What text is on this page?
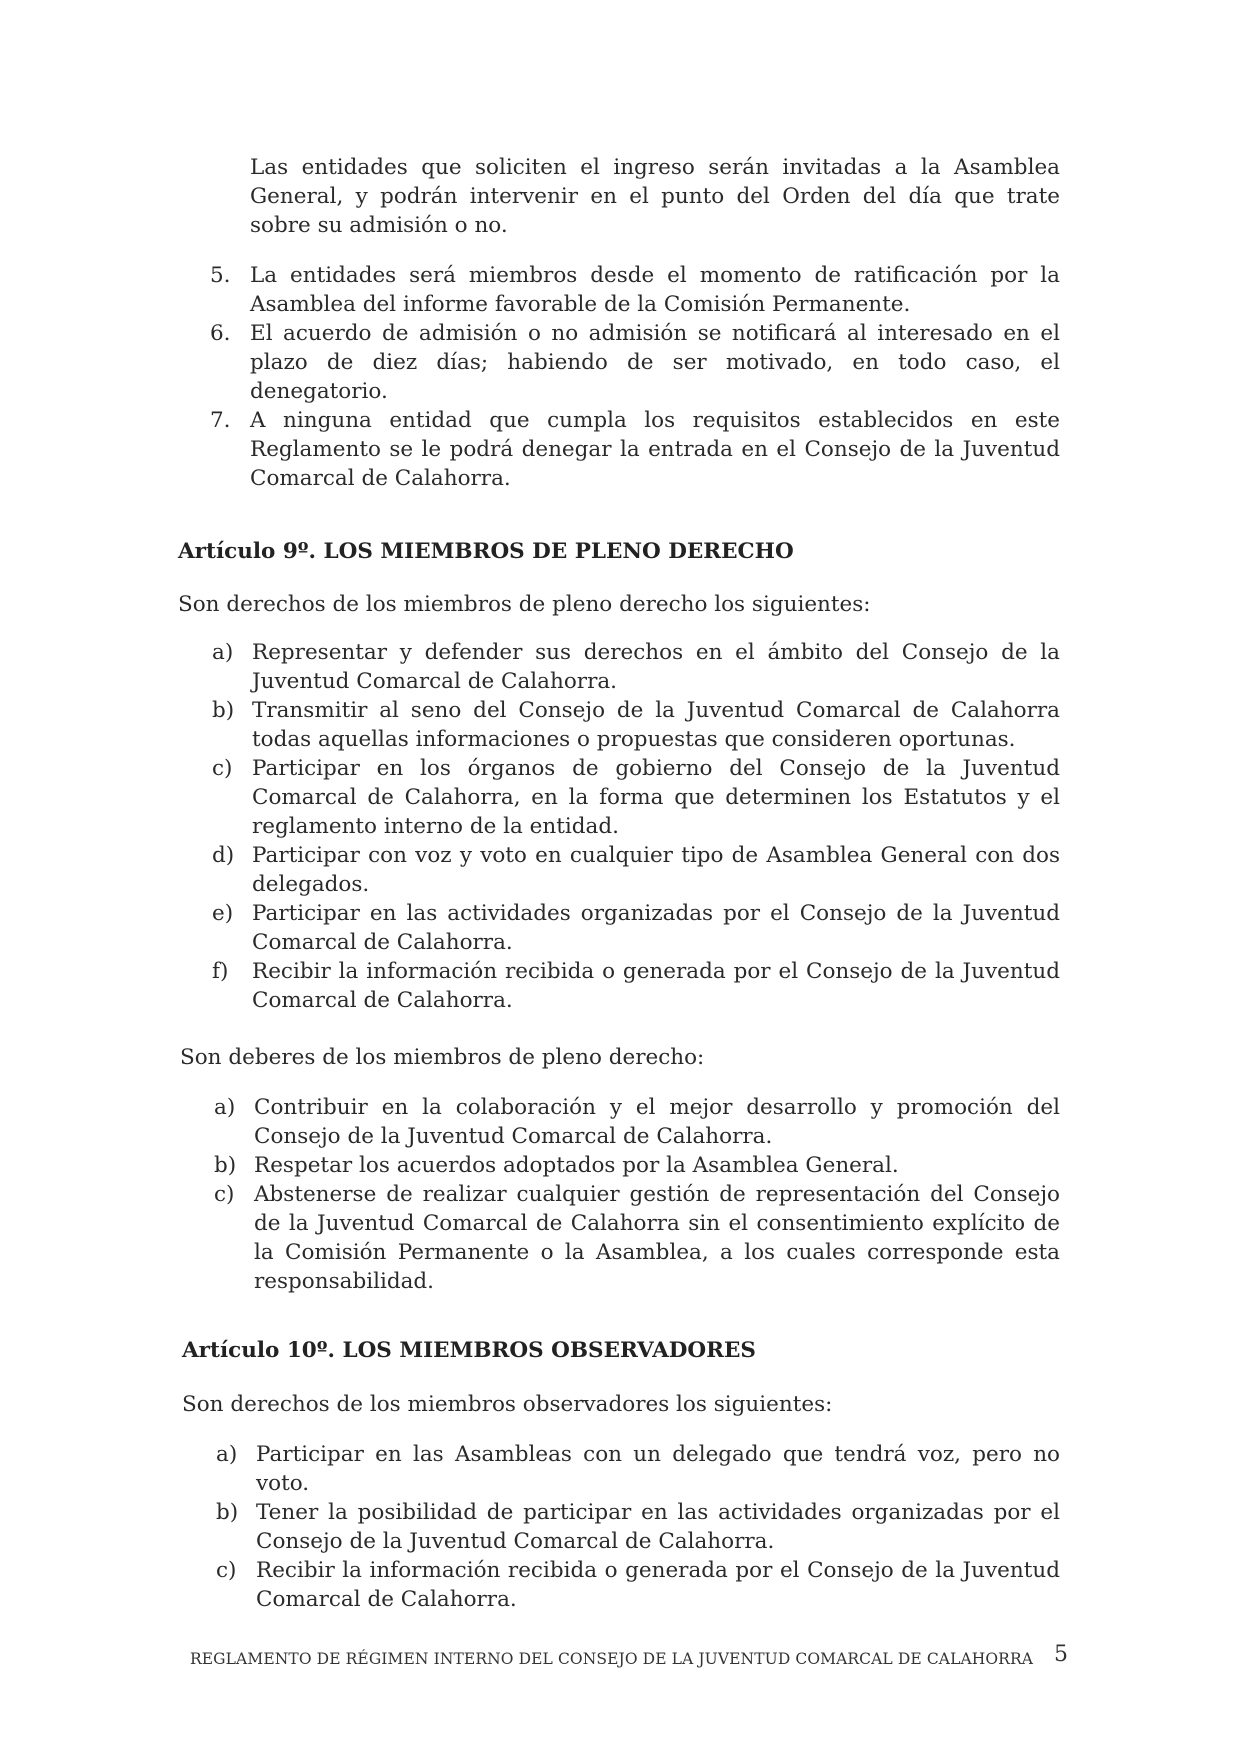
Las entidades que soliciten el ingreso serán invitadas a la Asamblea General, y podrán intervenir en el punto del Orden del día que trate sobre su admisión o no.

5. La entidades será miembros desde el momento de ratificación por la Asamblea del informe favorable de la Comisión Permanente.
6. El acuerdo de admisión o no admisión se notificará al interesado en el plazo de diez días; habiendo de ser motivado, en todo caso, el denegatorio.
7. A ninguna entidad que cumpla los requisitos establecidos en este Reglamento se le podrá denegar la entrada en el Consejo de la Juventud Comarcal de Calahorra.

Artículo 9º. LOS MIEMBROS DE PLENO DERECHO

Son derechos de los miembros de pleno derecho los siguientes:

a) Representar y defender sus derechos en el ámbito del Consejo de la Juventud Comarcal de Calahorra.
b) Transmitir al seno del Consejo de la Juventud Comarcal de Calahorra todas aquellas informaciones o propuestas que consideren oportunas.
c) Participar en los órganos de gobierno del Consejo de la Juventud Comarcal de Calahorra, en la forma que determinen los Estatutos y el reglamento interno de la entidad.
d) Participar con voz y voto en cualquier tipo de Asamblea General con dos delegados.
e) Participar en las actividades organizadas por el Consejo de la Juventud Comarcal de Calahorra.
f) Recibir la información recibida o generada por el Consejo de la Juventud Comarcal de Calahorra.

Son deberes de los miembros de pleno derecho:

a) Contribuir en la colaboración y el mejor desarrollo y promoción del Consejo de la Juventud Comarcal de Calahorra.
b) Respetar los acuerdos adoptados por la Asamblea General.
c) Abstenerse de realizar cualquier gestión de representación del Consejo de la Juventud Comarcal de Calahorra sin el consentimiento explícito de la Comisión Permanente o la Asamblea, a los cuales corresponde esta responsabilidad.

Artículo 10º. LOS MIEMBROS OBSERVADORES

Son derechos de los miembros observadores los siguientes:

a) Participar en las Asambleas con un delegado que tendrá voz, pero no voto.
b) Tener la posibilidad de participar en las actividades organizadas por el Consejo de la Juventud Comarcal de Calahorra.
c) Recibir la información recibida o generada por el Consejo de la Juventud Comarcal de Calahorra.

REGLAMENTO DE RÉGIMEN INTERNO DEL CONSEJO DE LA JUVENTUD COMARCAL DE CALAHORRA 5
